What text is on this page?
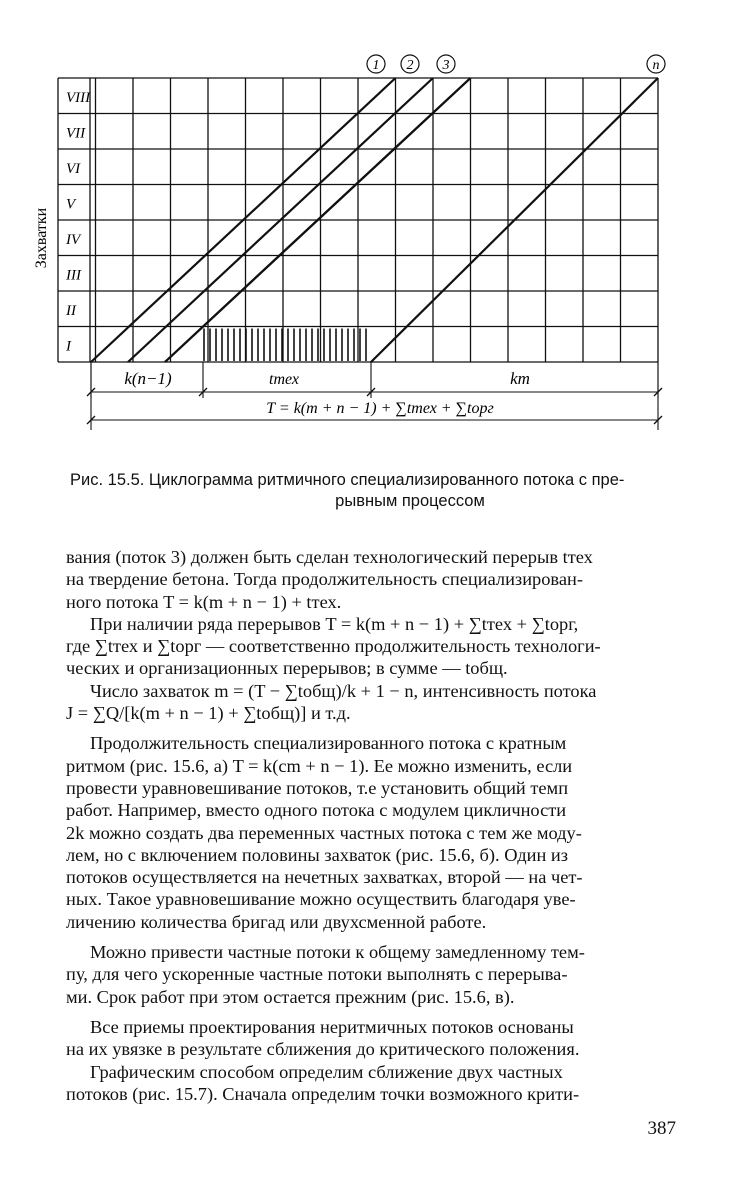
I
II
III
IV
V
VI
VII
VIII
1 2 3	n
Захватки
k(n−1)	tтех	km
T = k(m + n − 1) + ∑tтех + ∑tорг
Рис. 15.5. Циклограмма ритмичного специализированного потока с пре-

рывным процессом
вания (поток 3) должен быть сделан технологический перерыв tтех
на твердение бетона. Тогда продолжительность специализирован-
ного потока T = k(m + n − 1) + tтех.
При наличии ряда перерывов T = k(m + n − 1) + ∑tтех + ∑tорг,
где ∑tтех и ∑tорг — соответственно продолжительность технологи-
ческих и организационных перерывов; в сумме — tобщ.
Число захваток m = (T − ∑tобщ)/k + 1 − n, интенсивность потока
J = ∑Q/[k(m + n − 1) + ∑tобщ)] и т.д.
Продолжительность специализированного потока с кратным
ритмом (рис. 15.6, а) T = k(cm + n − 1). Ее можно изменить, если
провести уравновешивание потоков, т.е установить общий темп
работ. Например, вместо одного потока с модулем цикличности
2k можно создать два переменных частных потока с тем же моду-
лем, но с включением половины захваток (рис. 15.6, б). Один из
потоков осуществляется на нечетных захватках, второй — на чет-
ных. Такое уравновешивание можно осуществить благодаря уве-
личению количества бригад или двухсменной работе.
Можно привести частные потоки к общему замедленному тем-
пу, для чего ускоренные частные потоки выполнять с перерыва-
ми. Срок работ при этом остается прежним (рис. 15.6, в).
Все приемы проектирования неритмичных потоков основаны
на их увязке в результате сближения до критического положения.
Графическим способом определим сближение двух частных
потоков (рис. 15.7). Сначала определим точки возможного крити-
387
